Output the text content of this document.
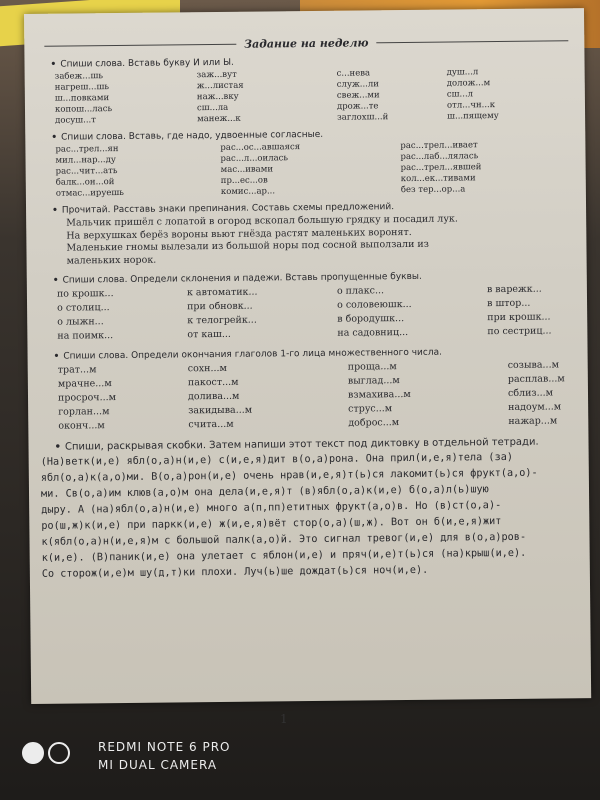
Задание на неделю
• Спиши слова. Вставь букву И или Ы.
забеж...шь	заж...вут	с...нева	душ...л
нагреш...шь	ж...листая	служ...ли	долож...м
ш...повками	наж...вку	свеж...ми	сш...л
копош...лась	сш...ла	дрож...те	отл...чн...к
досуш...т	манеж...к	заглохш...й	ш...пящему
• Спиши слова. Вставь, где надо, удвоенные согласные.
рас...трел...ян	рас...ос...авшаяся	рас...трел...ивает
мил...нар...ду	рас...л...оилась	рас...лаб...лялась
рас...чит...ать	мас...ивами	рас...трел...явшей
балк...он...ой	пр...ес...ов	кол...ек...тивами
отмас...ируешь	комис...ар...	без тер...ор...а
• Прочитай. Расставь знаки препинания. Составь схемы предложений.
Мальчик пришёл с лопатой в огород вскопал большую грядку и посадил лук.
На верхушках берёз вороны вьют гнёзда растят маленьких воронят.
Маленькие гномы вылезали из большой норы под сосной выползали из
маленьких норок.
• Спиши слова. Определи склонения и падежи. Вставь пропущенные буквы.
по крошк...	к автоматик...	о плакс...	в варежк...
о столиц...	при обновк...	о соловеюшк...	в штор...
о лыжн...	к телогрейк...	в бородушк...	при крошк...
на поимк...	от каш...	на садовниц...	по сестриц...
• Спиши слова. Определи окончания глаголов 1-го лица множественного числа.
трат...м	сохн...м	проща...м	созыва...м
мрачне...м	пакост...м	выглад...м	расплав...м
просроч...м	долива...м	взмахива...м	сблиз...м
горлан...м	закидыва...м	струс...м	надоум...м
оконч...м	счита...м	доброс...м	нажар...м
• Спиши, раскрывая скобки. Затем напиши этот текст под диктовку в отдельной тетради.
(На)ветк(и,е) ябл(о,а)н(и,е) с(и,е,я)дит в(о,а)рона. Она прил(и,е,я)тела (за)
ябл(о,а)к(а,о)ми. В(о,а)рон(и,е) очень нрав(и,е,я)т(ь)ся лакомит(ь)ся фрукт(а,о)-
ми. Св(о,а)им клюв(а,о)м она дела(и,е,я)т (в)ябл(о,а)к(и,е) б(о,а)л(ь)шую
дыру. А (на)ябл(о,а)н(и,е) много а(п,пп)етитных фрукт(а,о)в. Но (в)ст(о,а)-
ро(ш,ж)к(и,е) при паркк(и,е) ж(и,е,я)вёт стор(о,а)(ш,ж). Вот он б(и,е,я)жит
к(ябл(о,а)н(и,е,я)м с большой палк(а,о)й. Это сигнал тревог(и,е) для в(о,а)ров-
к(и,е). (В)паник(и,е) она улетает с яблон(и,е) и пряч(и,е)т(ь)ся (на)крыш(и,е).
Со сторож(и,е)м шу(д,т)ки плохи. Луч(ь)ше дождат(ь)ся ноч(и,е).
1
REDMI NOTE 6 PRO
MI DUAL CAMERA
